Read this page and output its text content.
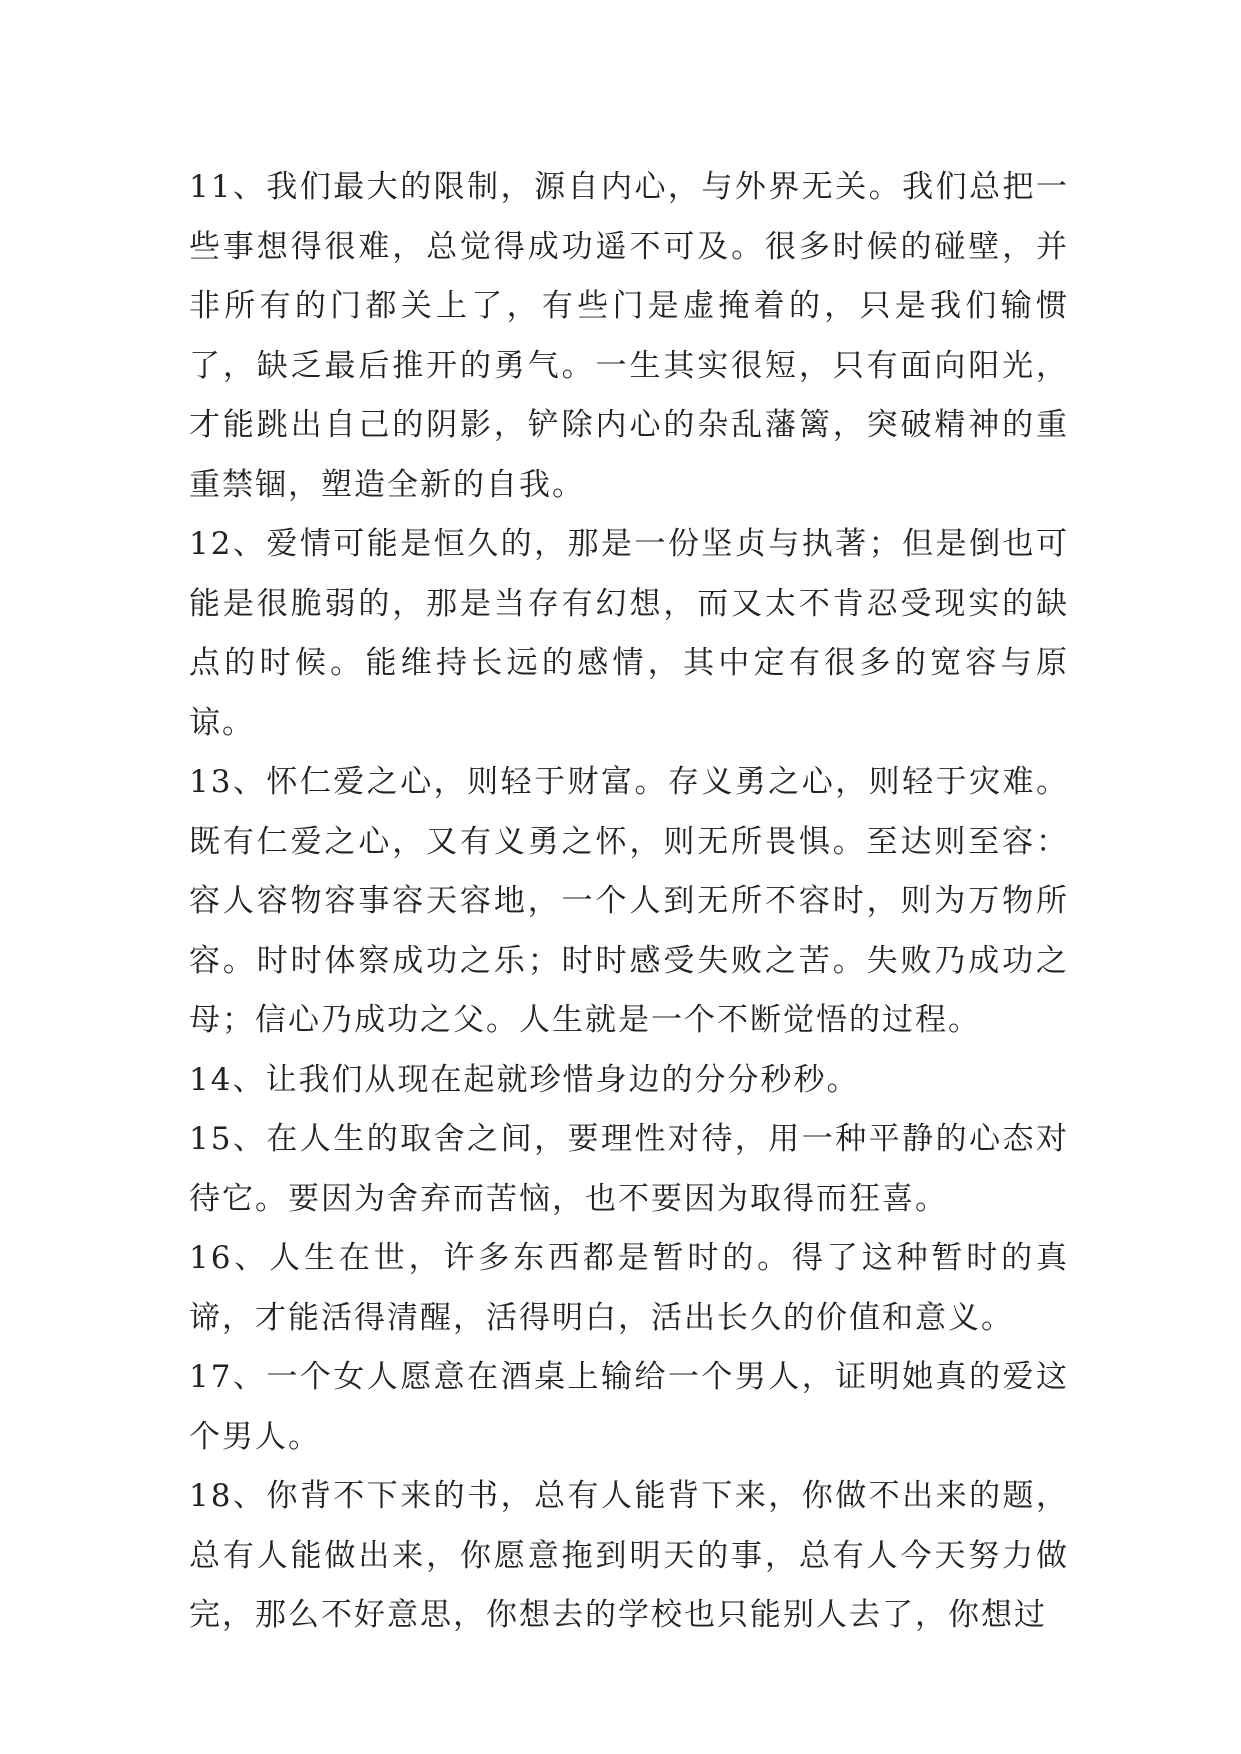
11、我们最大的限制，源自内心，与外界无关。我们总把一些事想得很难，总觉得成功遥不可及。很多时候的碰壁，并非所有的门都关上了，有些门是虚掩着的，只是我们输惯了，缺乏最后推开的勇气。一生其实很短，只有面向阳光，才能跳出自己的阴影，铲除内心的杂乱藩篱，突破精神的重重禁锢，塑造全新的自我。

12、爱情可能是恒久的，那是一份坚贞与执著；但是倒也可能是很脆弱的，那是当存有幻想，而又太不肯忍受现实的缺点的时候。能维持长远的感情，其中定有很多的宽容与原谅。

13、怀仁爱之心，则轻于财富。存义勇之心，则轻于灾难。既有仁爱之心，又有义勇之怀，则无所畏惧。至达则至容：容人容物容事容天容地，一个人到无所不容时，则为万物所容。时时体察成功之乐；时时感受失败之苦。失败乃成功之母；信心乃成功之父。人生就是一个不断觉悟的过程。

14、让我们从现在起就珍惜身边的分分秒秒。

15、在人生的取舍之间，要理性对待，用一种平静的心态对待它。要因为舍弃而苦恼，也不要因为取得而狂喜。

16、人生在世，许多东西都是暂时的。得了这种暂时的真谛，才能活得清醒，活得明白，活出长久的价值和意义。

17、一个女人愿意在酒桌上输给一个男人，证明她真的爱这个男人。

18、你背不下来的书，总有人能背下来，你做不出来的题，总有人能做出来，你愿意拖到明天的事，总有人今天努力做完，那么不好意思，你想去的学校也只能别人去了，你想过
